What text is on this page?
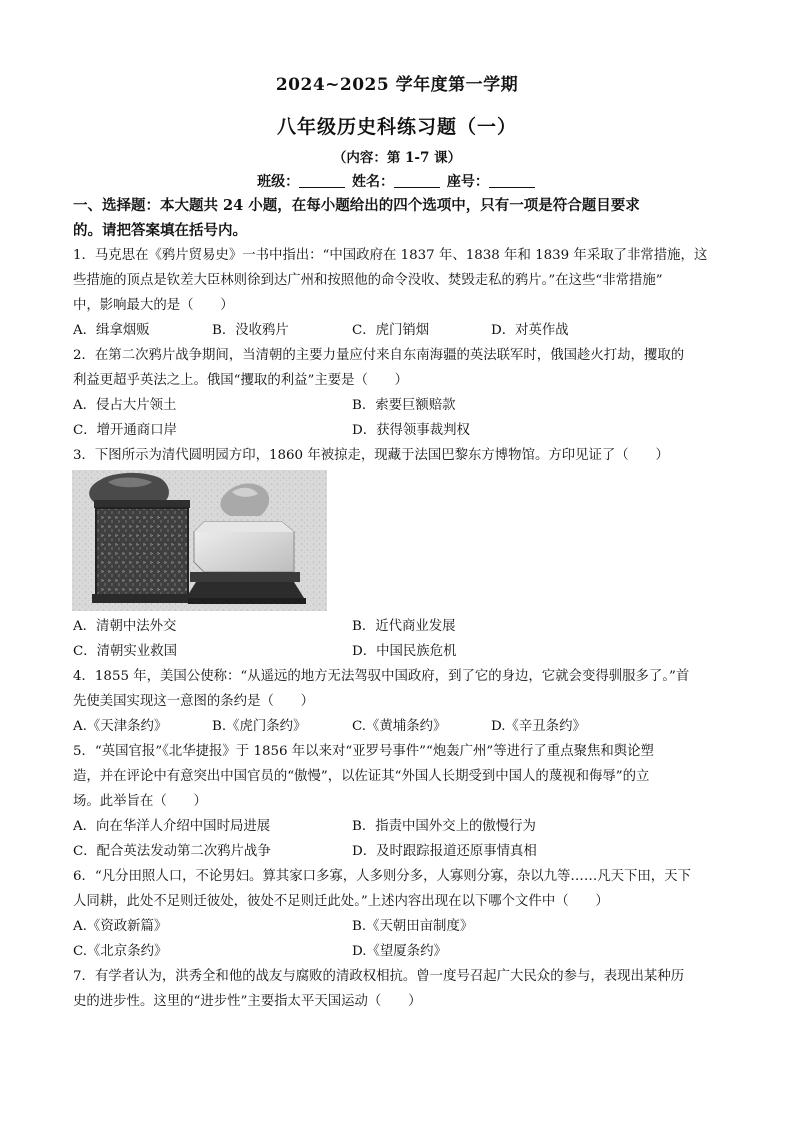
2024~2025 学年度第一学期
八年级历史科练习题（一）
（内容：第 1-7 课）
班级：	姓名：	座号：
一、选择题：本大题共 24 小题，在每小题给出的四个选项中，只有一项是符合题目要求
的。请把答案填在括号内。
1．马克思在《鸦片贸易史》一书中指出：“中国政府在 1837 年、1838 年和 1839 年采取了非常措施，这
些措施的顶点是钦差大臣林则徐到达广州和按照他的命令没收、焚毁走私的鸦片。”在这些“非常措施”
中，影响最大的是（　　）
A．缉拿烟贩	B．没收鸦片	C．虎门销烟	D．对英作战
2．在第二次鸦片战争期间，当清朝的主要力量应付来自东南海疆的英法联军时，俄国趁火打劫，攫取的
利益更超乎英法之上。俄国“攫取的利益”主要是（　　）
A．侵占大片领土	B．索要巨额赔款
C．增开通商口岸	D．获得领事裁判权
3．下图所示为清代圆明园方印，1860 年被掠走，现藏于法国巴黎东方博物馆。方印见证了（　　）
A．清朝中法外交	B．近代商业发展
C．清朝实业救国	D．中国民族危机
4．1855 年，美国公使称：“从遥远的地方无法驾驭中国政府，到了它的身边，它就会变得驯服多了。”首
先使美国实现这一意图的条约是（　　）
A.《天津条约》	B.《虎门条约》	C.《黄埔条约》	D.《辛丑条约》
5．“英国官报”《北华捷报》于 1856 年以来对“亚罗号事件”“炮轰广州”等进行了重点聚焦和舆论塑
造，并在评论中有意突出中国官员的“傲慢”，以佐证其“外国人长期受到中国人的蔑视和侮辱”的立
场。此举旨在（　　）
A．向在华洋人介绍中国时局进展	B．指责中国外交上的傲慢行为
C．配合英法发动第二次鸦片战争	D．及时跟踪报道还原事情真相
6．“凡分田照人口，不论男妇。算其家口多寡，人多则分多，人寡则分寡，杂以九等……凡天下田，天下
人同耕，此处不足则迁彼处，彼处不足则迁此处。”上述内容出现在以下哪个文件中（　　）
A.《资政新篇》	B.《天朝田亩制度》
C.《北京条约》	D.《望厦条约》
7．有学者认为，洪秀全和他的战友与腐败的清政权相抗。曾一度号召起广大民众的参与，表现出某种历
史的进步性。这里的“进步性”主要指太平天国运动（　　）
